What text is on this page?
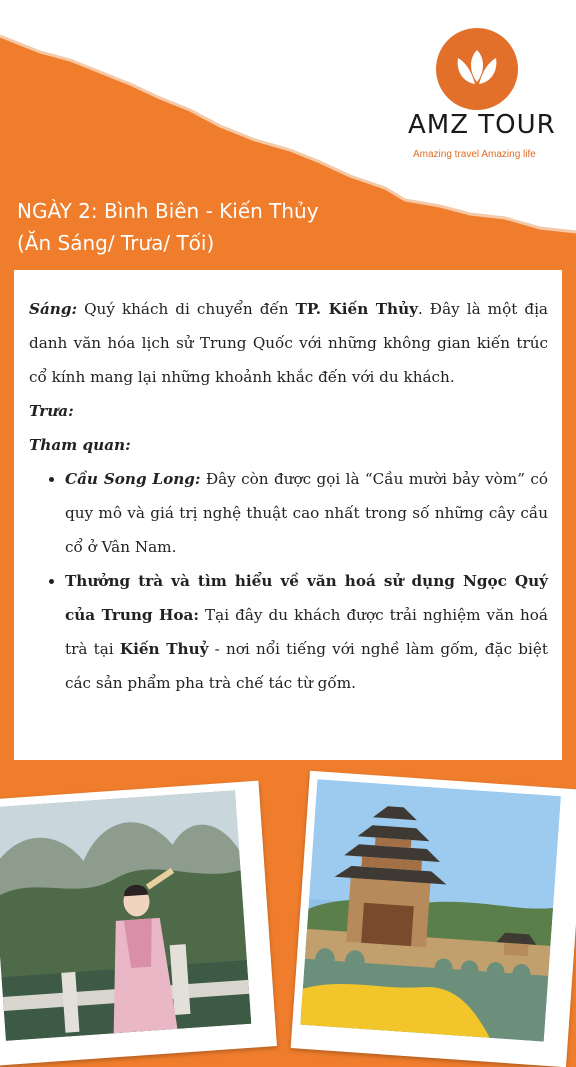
AMZ TOUR
Amazing travel Amazing life
NGÀY 2: Bình Biên - Kiến Thủy
(Ăn Sáng/ Trưa/ Tối)

Sáng: Quý khách di chuyển đến TP. Kiến Thủy. Đây là một địa danh văn hóa lịch sử Trung Quốc với những không gian kiến trúc cổ kính mang lại những khoảnh khắc đến với du khách.

Trưa:

Tham quan:

• Cầu Song Long: Đây còn được gọi là “Cầu mười bảy vòm” có quy mô và giá trị nghệ thuật cao nhất trong số những cây cầu cổ ở Vân Nam.
• Thưởng trà và tìm hiểu về văn hoá sử dụng Ngọc Quý của Trung Hoa: Tại đây du khách được trải nghiệm văn hoá trà tại Kiến Thuỷ - nơi nổi tiếng với nghề làm gốm, đặc biệt các sản phẩm pha trà chế tác từ gốm.
